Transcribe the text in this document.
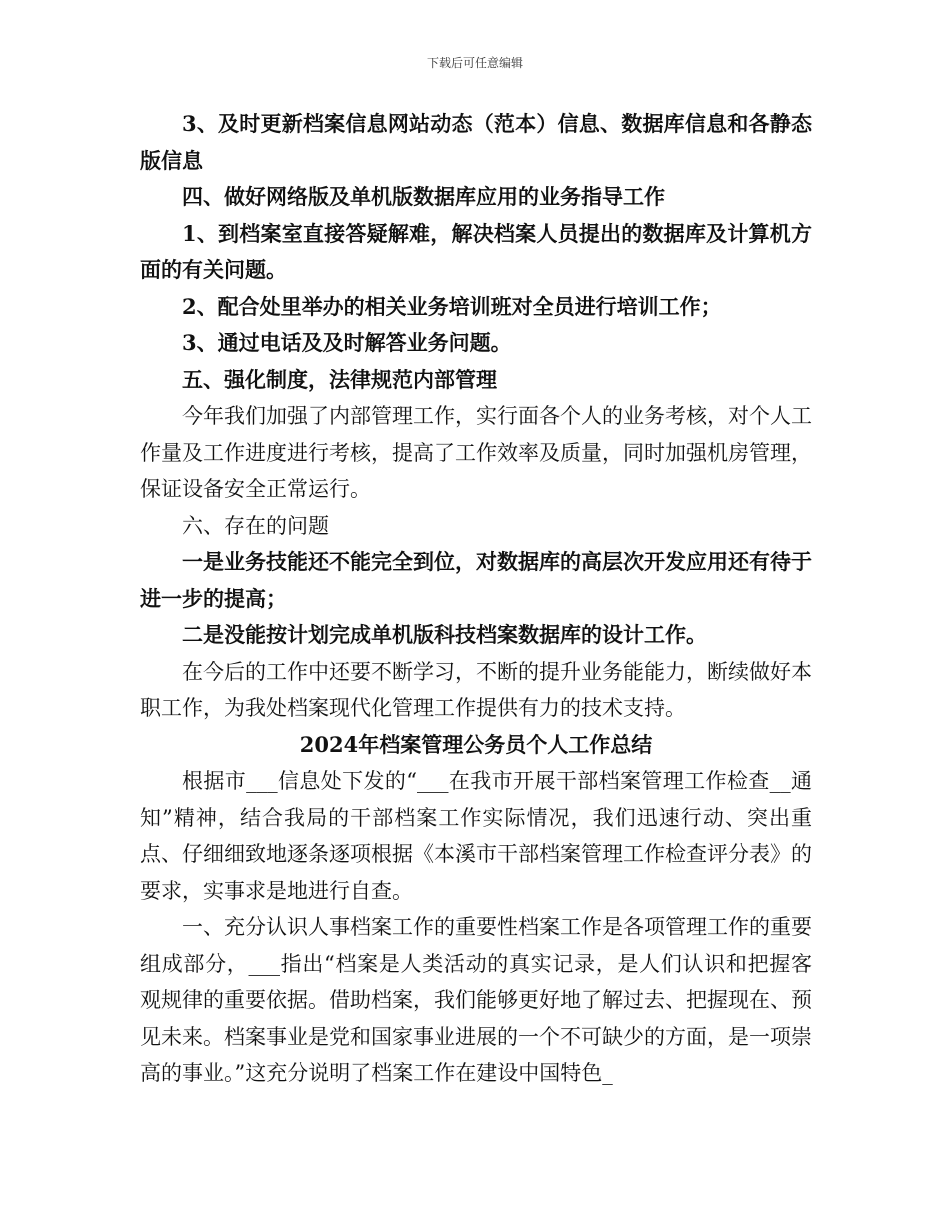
下载后可任意编辑

3、及时更新档案信息网站动态（范本）信息、数据库信息和各静态版信息

四、做好网络版及单机版数据库应用的业务指导工作

1、到档案室直接答疑解难，解决档案人员提出的数据库及计算机方面的有关问题。

2、配合处里举办的相关业务培训班对全员进行培训工作；

3、通过电话及及时解答业务问题。

五、强化制度，法律规范内部管理

今年我们加强了内部管理工作，实行面各个人的业务考核，对个人工作量及工作进度进行考核，提高了工作效率及质量，同时加强机房管理，保证设备安全正常运行。

六、存在的问题

一是业务技能还不能完全到位，对数据库的高层次开发应用还有待于进一步的提高；

二是没能按计划完成单机版科技档案数据库的设计工作。

在今后的工作中还要不断学习，不断的提升业务能能力，断续做好本职工作，为我处档案现代化管理工作提供有力的技术支持。

2024年档案管理公务员个人工作总结

根据市___信息处下发的“___在我市开展干部档案管理工作检查__通知”精神，结合我局的干部档案工作实际情况，我们迅速行动、突出重点、仔细细致地逐条逐项根据《本溪市干部档案管理工作检查评分表》的要求，实事求是地进行自查。

一、充分认识人事档案工作的重要性档案工作是各项管理工作的重要组成部分，___指出“档案是人类活动的真实记录，是人们认识和把握客观规律的重要依据。借助档案，我们能够更好地了解过去、把握现在、预见未来。档案事业是党和国家事业进展的一个不可缺少的方面，是一项崇高的事业。”这充分说明了档案工作在建设中国特色_
